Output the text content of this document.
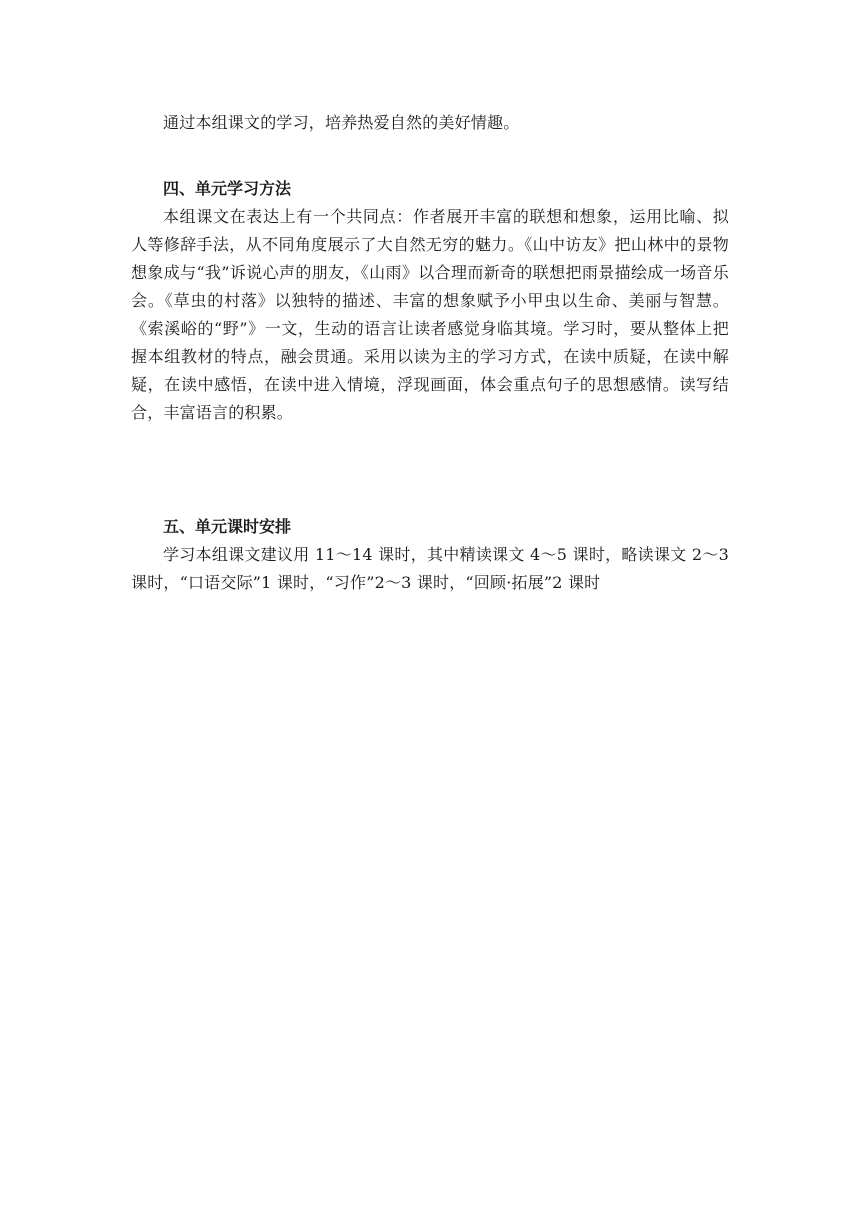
通过本组课文的学习，培养热爱自然的美好情趣。

四、单元学习方法

本组课文在表达上有一个共同点：作者展开丰富的联想和想象，运用比喻、拟人等修辞手法，从不同角度展示了大自然无穷的魅力。《山中访友》把山林中的景物想象成与“我”诉说心声的朋友，《山雨》以合理而新奇的联想把雨景描绘成一场音乐会。《草虫的村落》以独特的描述、丰富的想象赋予小甲虫以生命、美丽与智慧。《索溪峪的“野”》一文，生动的语言让读者感觉身临其境。学习时，要从整体上把握本组教材的特点，融会贯通。采用以读为主的学习方式，在读中质疑，在读中解疑，在读中感悟，在读中进入情境，浮现画面，体会重点句子的思想感情。读写结合，丰富语言的积累。

五、单元课时安排

学习本组课文建议用 11～14 课时，其中精读课文 4～5 课时，略读课文 2～3 课时，“口语交际”1 课时，“习作”2～3 课时，“回顾·拓展”2 课时
